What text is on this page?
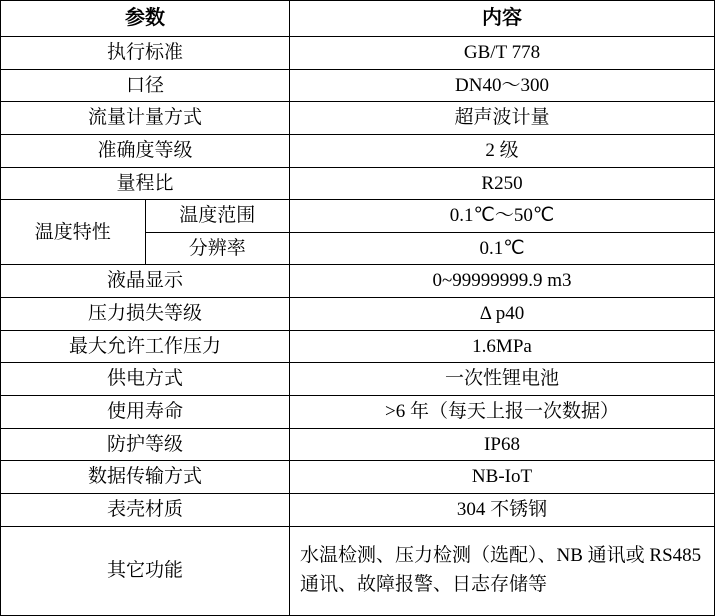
参数		内容

执行标准		GB/T 778

口径		DN40～300

流量计量方式		超声波计量

准确度等级		2 级

量程比		R250

温度特性	温度范围	0.1℃～50℃

	分辨率	0.1℃

液晶显示		0~99999999.9 m3

压力损失等级		Δ p40

最大允许工作压力		1.6MPa

供电方式		一次性锂电池

使用寿命		>6 年（每天上报一次数据）

防护等级		IP68

数据传输方式		NB-IoT

表壳材质		304 不锈钢

其它功能		水温检测、压力检测（选配）、NB 通讯或 RS485 通讯、故障报警、日志存储等
